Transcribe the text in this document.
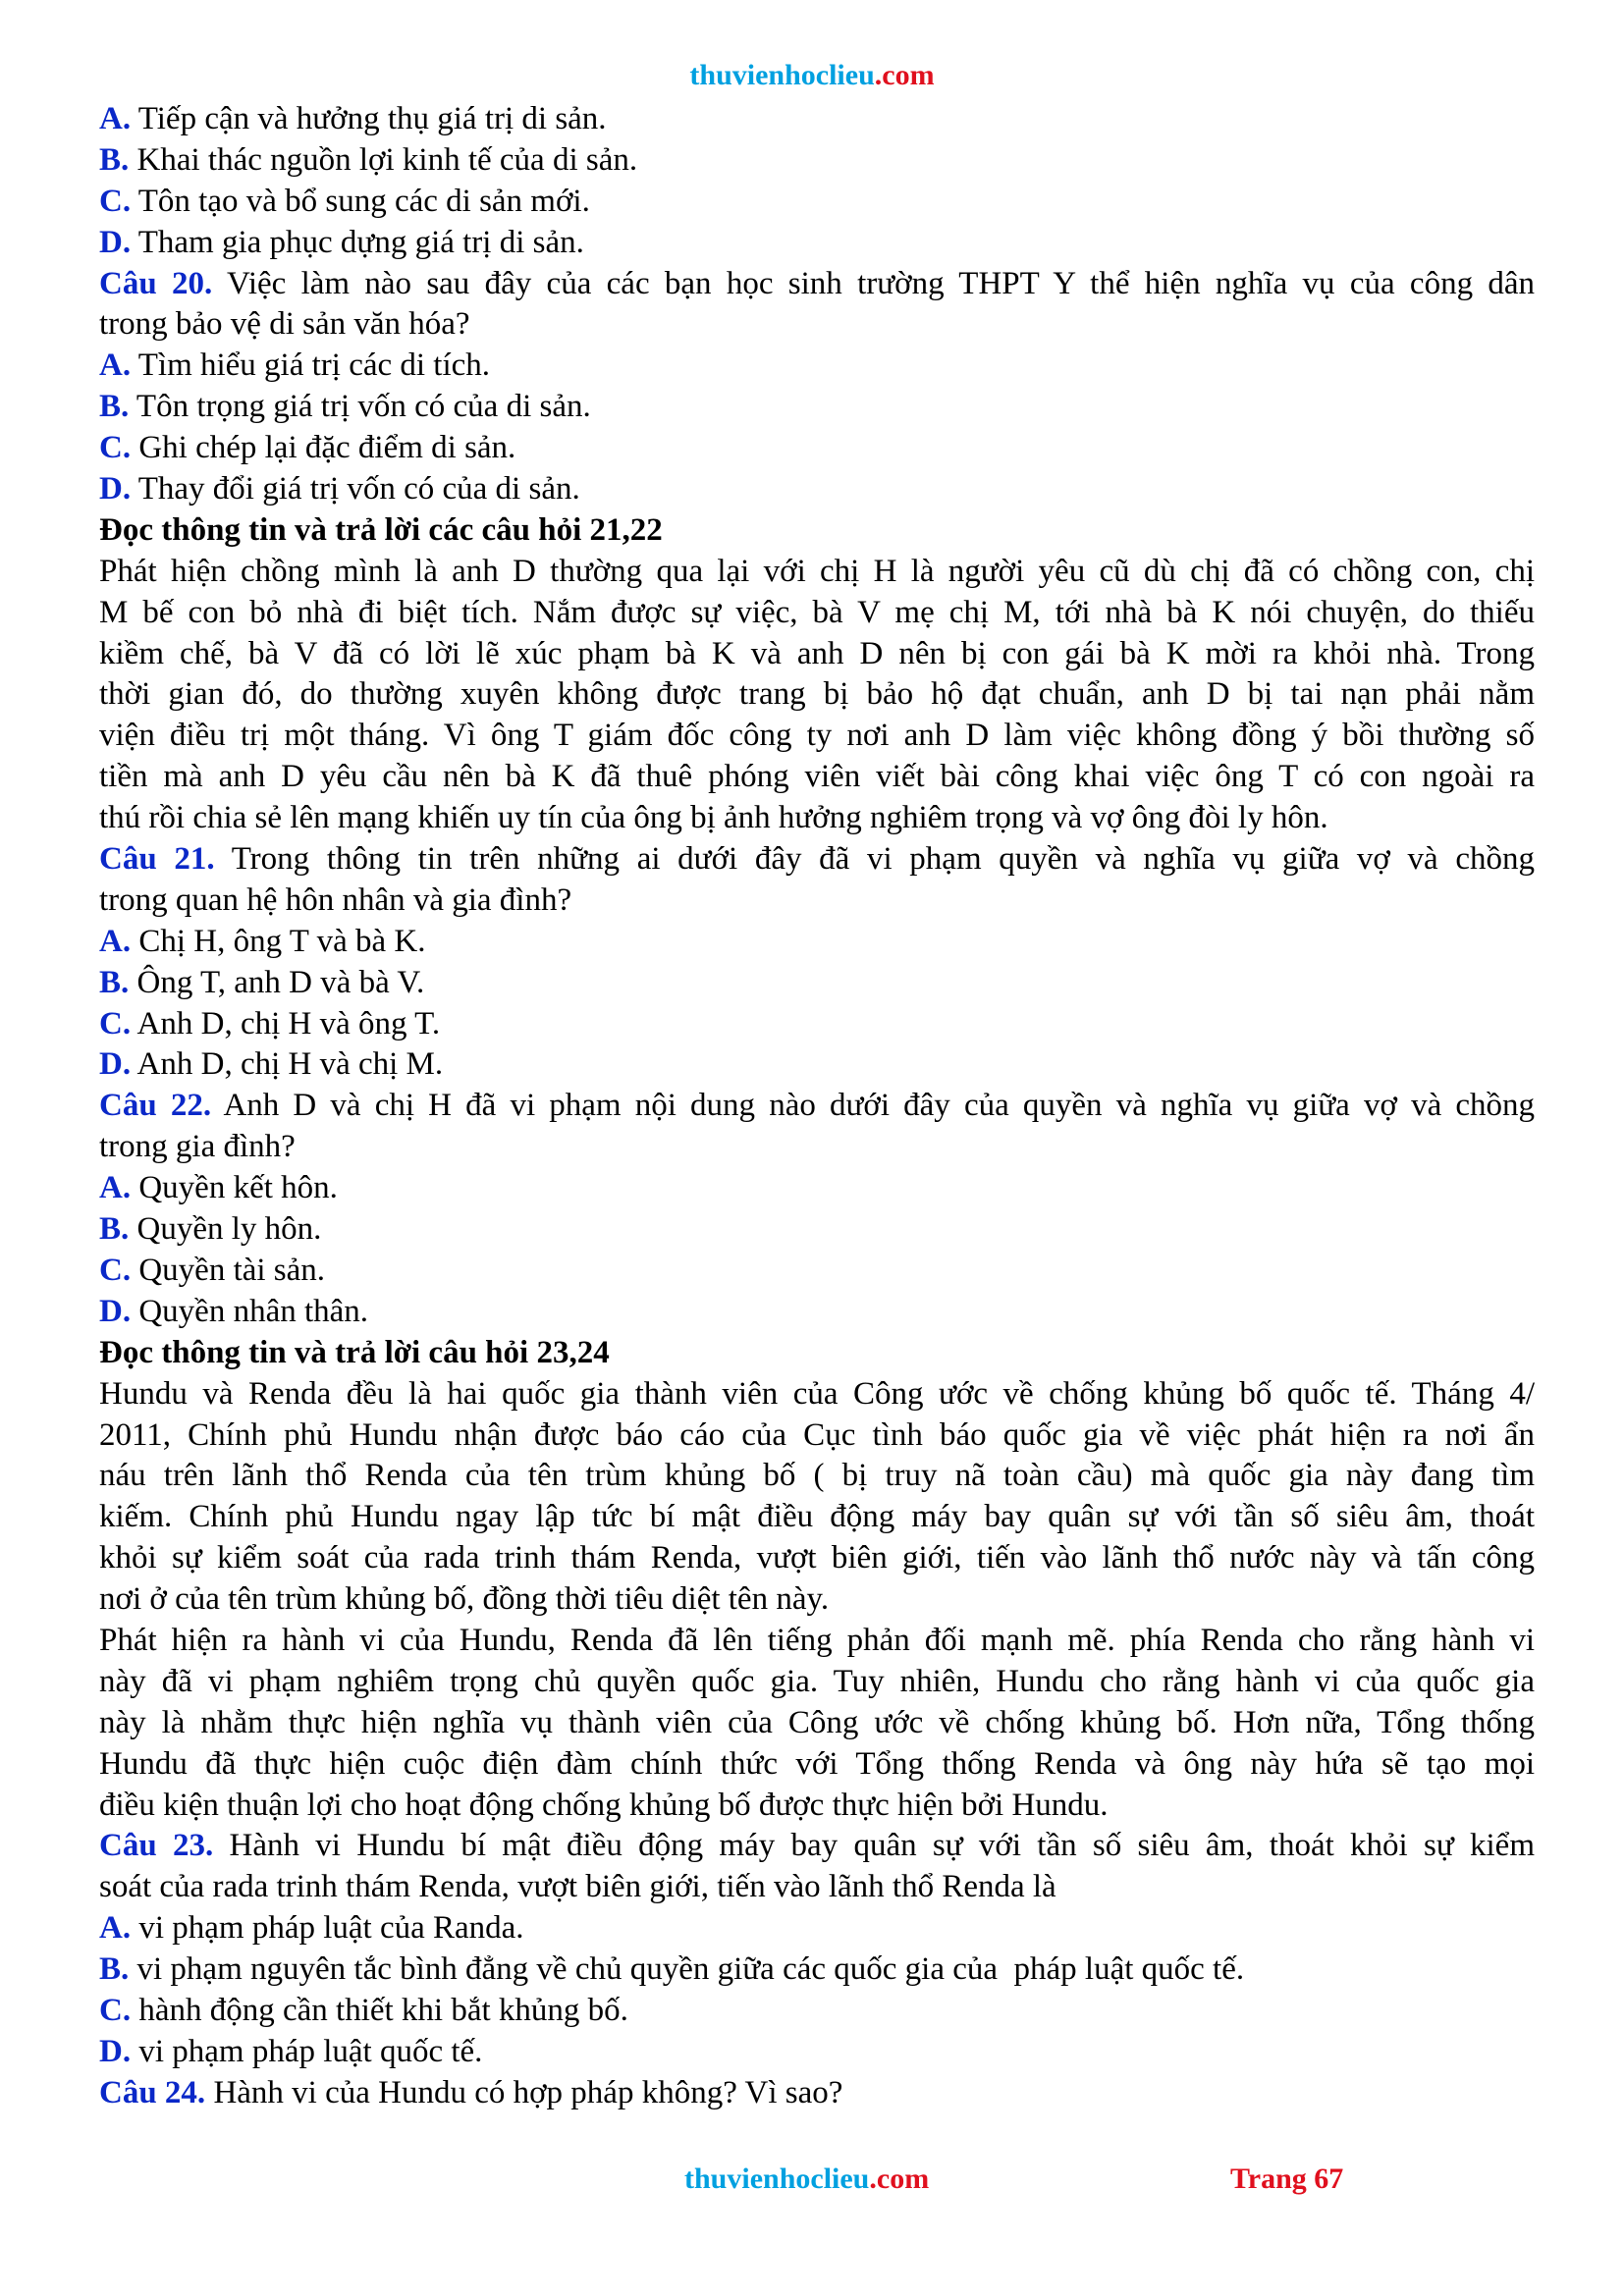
thuvienhoclieu.com
A. Tiếp cận và hưởng thụ giá trị di sản.
B. Khai thác nguồn lợi kinh tế của di sản.
C. Tôn tạo và bổ sung các di sản mới.
D. Tham gia phục dựng giá trị di sản.
Câu 20. Việc làm nào sau đây của các bạn học sinh trường THPT Y thể hiện nghĩa vụ của công dân
trong bảo vệ di sản văn hóa?
A. Tìm hiểu giá trị các di tích.
B. Tôn trọng giá trị vốn có của di sản.
C. Ghi chép lại đặc điểm di sản.
D. Thay đổi giá trị vốn có của di sản.
Đọc thông tin và trả lời các câu hỏi 21,22
Phát hiện chồng mình là anh D thường qua lại với chị H là người yêu cũ dù chị đã có chồng con, chị
M bế con bỏ nhà đi biệt tích. Nắm được sự việc, bà V mẹ chị M, tới nhà bà K nói chuyện, do thiếu
kiềm chế, bà V đã có lời lẽ xúc phạm bà K và anh D nên bị con gái bà K mời ra khỏi nhà. Trong
thời gian đó, do thường xuyên không được trang bị bảo hộ đạt chuẩn, anh D bị tai nạn phải nằm
viện điều trị một tháng. Vì ông T giám đốc công ty nơi anh D làm việc không đồng ý bồi thường số
tiền mà anh D yêu cầu nên bà K đã thuê phóng viên viết bài công khai việc ông T có con ngoài ra
thú rồi chia sẻ lên mạng khiến uy tín của ông bị ảnh hưởng nghiêm trọng và vợ ông đòi ly hôn.
Câu 21. Trong thông tin trên những ai dưới đây đã vi phạm quyền và nghĩa vụ giữa vợ và chồng
trong quan hệ hôn nhân và gia đình?
A. Chị H, ông T và bà K.
B. Ông T, anh D và bà V.
C. Anh D, chị H và ông T.
D. Anh D, chị H và chị M.
Câu 22. Anh D và chị H đã vi phạm nội dung nào dưới đây của quyền và nghĩa vụ giữa vợ và chồng
trong gia đình?
A. Quyền kết hôn.
B. Quyền ly hôn.
C. Quyền tài sản.
D. Quyền nhân thân.
Đọc thông tin và trả lời câu hỏi 23,24
Hundu và Renda đều là hai quốc gia thành viên của Công ước về chống khủng bố quốc tế. Tháng 4/
2011, Chính phủ Hundu nhận được báo cáo của Cục tình báo quốc gia về việc phát hiện ra nơi ẩn
náu trên lãnh thổ Renda của tên trùm khủng bố ( bị truy nã toàn cầu) mà quốc gia này đang tìm
kiếm. Chính phủ Hundu ngay lập tức bí mật điều động máy bay quân sự với tần số siêu âm, thoát
khỏi sự kiểm soát của rada trinh thám Renda, vượt biên giới, tiến vào lãnh thổ nước này và tấn công
nơi ở của tên trùm khủng bố, đồng thời tiêu diệt tên này.
Phát hiện ra hành vi của Hundu, Renda đã lên tiếng phản đối mạnh mẽ. phía Renda cho rằng hành vi
này đã vi phạm nghiêm trọng chủ quyền quốc gia. Tuy nhiên, Hundu cho rằng hành vi của quốc gia
này là nhằm thực hiện nghĩa vụ thành viên của Công ước về chống khủng bố. Hơn nữa, Tổng thống
Hundu đã thực hiện cuộc điện đàm chính thức với Tổng thống Renda và ông này hứa sẽ tạo mọi
điều kiện thuận lợi cho hoạt động chống khủng bố được thực hiện bởi Hundu.
Câu 23. Hành vi Hundu bí mật điều động máy bay quân sự với tần số siêu âm, thoát khỏi sự kiểm
soát của rada trinh thám Renda, vượt biên giới, tiến vào lãnh thổ Renda là
A. vi phạm pháp luật của Randa.
B. vi phạm nguyên tắc bình đẳng về chủ quyền giữa các quốc gia của  pháp luật quốc tế.
C. hành động cần thiết khi bắt khủng bố.
D. vi phạm pháp luật quốc tế.
Câu 24. Hành vi của Hundu có hợp pháp không? Vì sao?
thuvienhoclieu.com	Trang 67
